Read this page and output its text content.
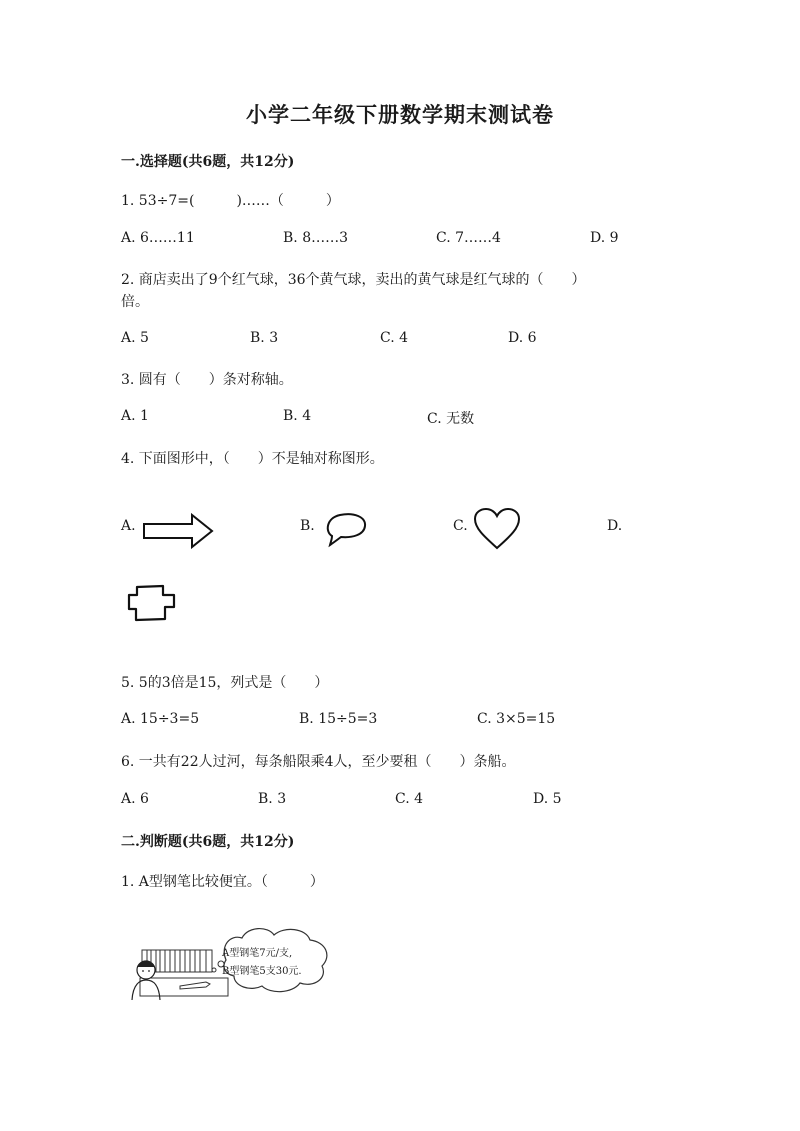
小学二年级下册数学期末测试卷
一.选择题(共6题，共12分)
1. 53÷7=(　　　)……（　　　）
A. 6……11	B. 8……3	C. 7……4	D. 9
2. 商店卖出了9个红气球，36个黄气球，卖出的黄气球是红气球的（　　）
倍。
A. 5	B. 3	C. 4	D. 6
3. 圆有（　　）条对称轴。
A. 1	B. 4	C. 无数
4. 下面图形中，（　　）不是轴对称图形。
A.	B.	C.	D.
5. 5的3倍是15，列式是（　　）
A. 15÷3=5	B. 15÷5=3	C. 3×5=15
6. 一共有22人过河，每条船限乘4人，至少要租（　　）条船。
A. 6	B. 3	C. 4	D. 5
二.判断题(共6题，共12分)
1. A型钢笔比较便宜。（　　　）
A型钢笔7元/支,
B型钢笔5支30元.
